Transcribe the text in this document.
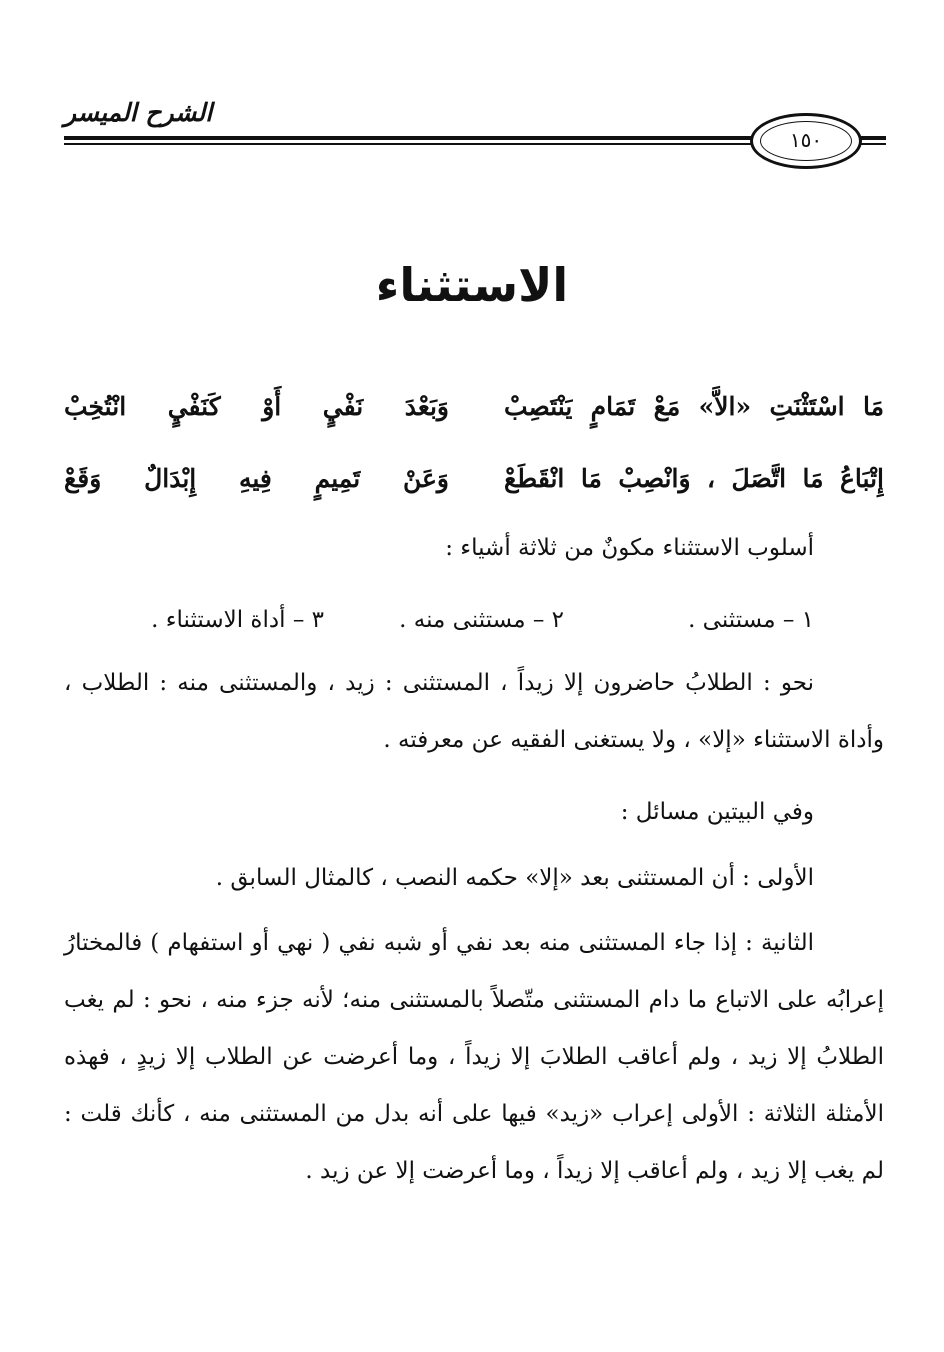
الشرح الميسر
١٥٠
الاستثناء
مَا اسْتَثْنَتِ «الاَّ» مَعْ تَمَامٍ يَنْتَصِبْ
وَبَعْدَ نَفْيٍ أَوْ كَنَفْيٍ انْتُخِبْ
إِتْبَاعُ مَا اتَّصَلَ ، وَانْصِبْ مَا انْقَطَعْ
وَعَنْ تَمِيمٍ فِيهِ إِبْدَالٌ وَقَعْ
أسلوب الاستثناء مكونٌ من ثلاثة أشياء :
١ – مستثنى .
٢ – مستثنى منه .
٣ – أداة الاستثناء .
نحو : الطلابُ حاضرون إلا زيداً ، المستثنى : زيد ، والمستثنى منه : الطلاب ، وأداة الاستثناء «إلا» ، ولا يستغنى الفقيه عن معرفته .
وفي البيتين مسائل :
الأولى : أن المستثنى بعد «إلا» حكمه النصب ، كالمثال السابق .
الثانية : إذا جاء المستثنى منه بعد نفي أو شبه نفي ( نهي أو استفهام ) فالمختارُ إعرابُه على الاتباع ما دام المستثنى متّصلاً بالمستثنى منه؛ لأنه جزء منه ، نحو : لم يغب الطلابُ إلا زيد ، ولم أعاقب الطلابَ إلا زيداً ، وما أعرضت عن الطلاب إلا زيدٍ ، فهذه الأمثلة الثلاثة : الأولى إعراب «زيد» فيها على أنه بدل من المستثنى منه ، كأنك قلت : لم يغب إلا زيد ، ولم أعاقب إلا زيداً ، وما أعرضت إلا عن زيد .
